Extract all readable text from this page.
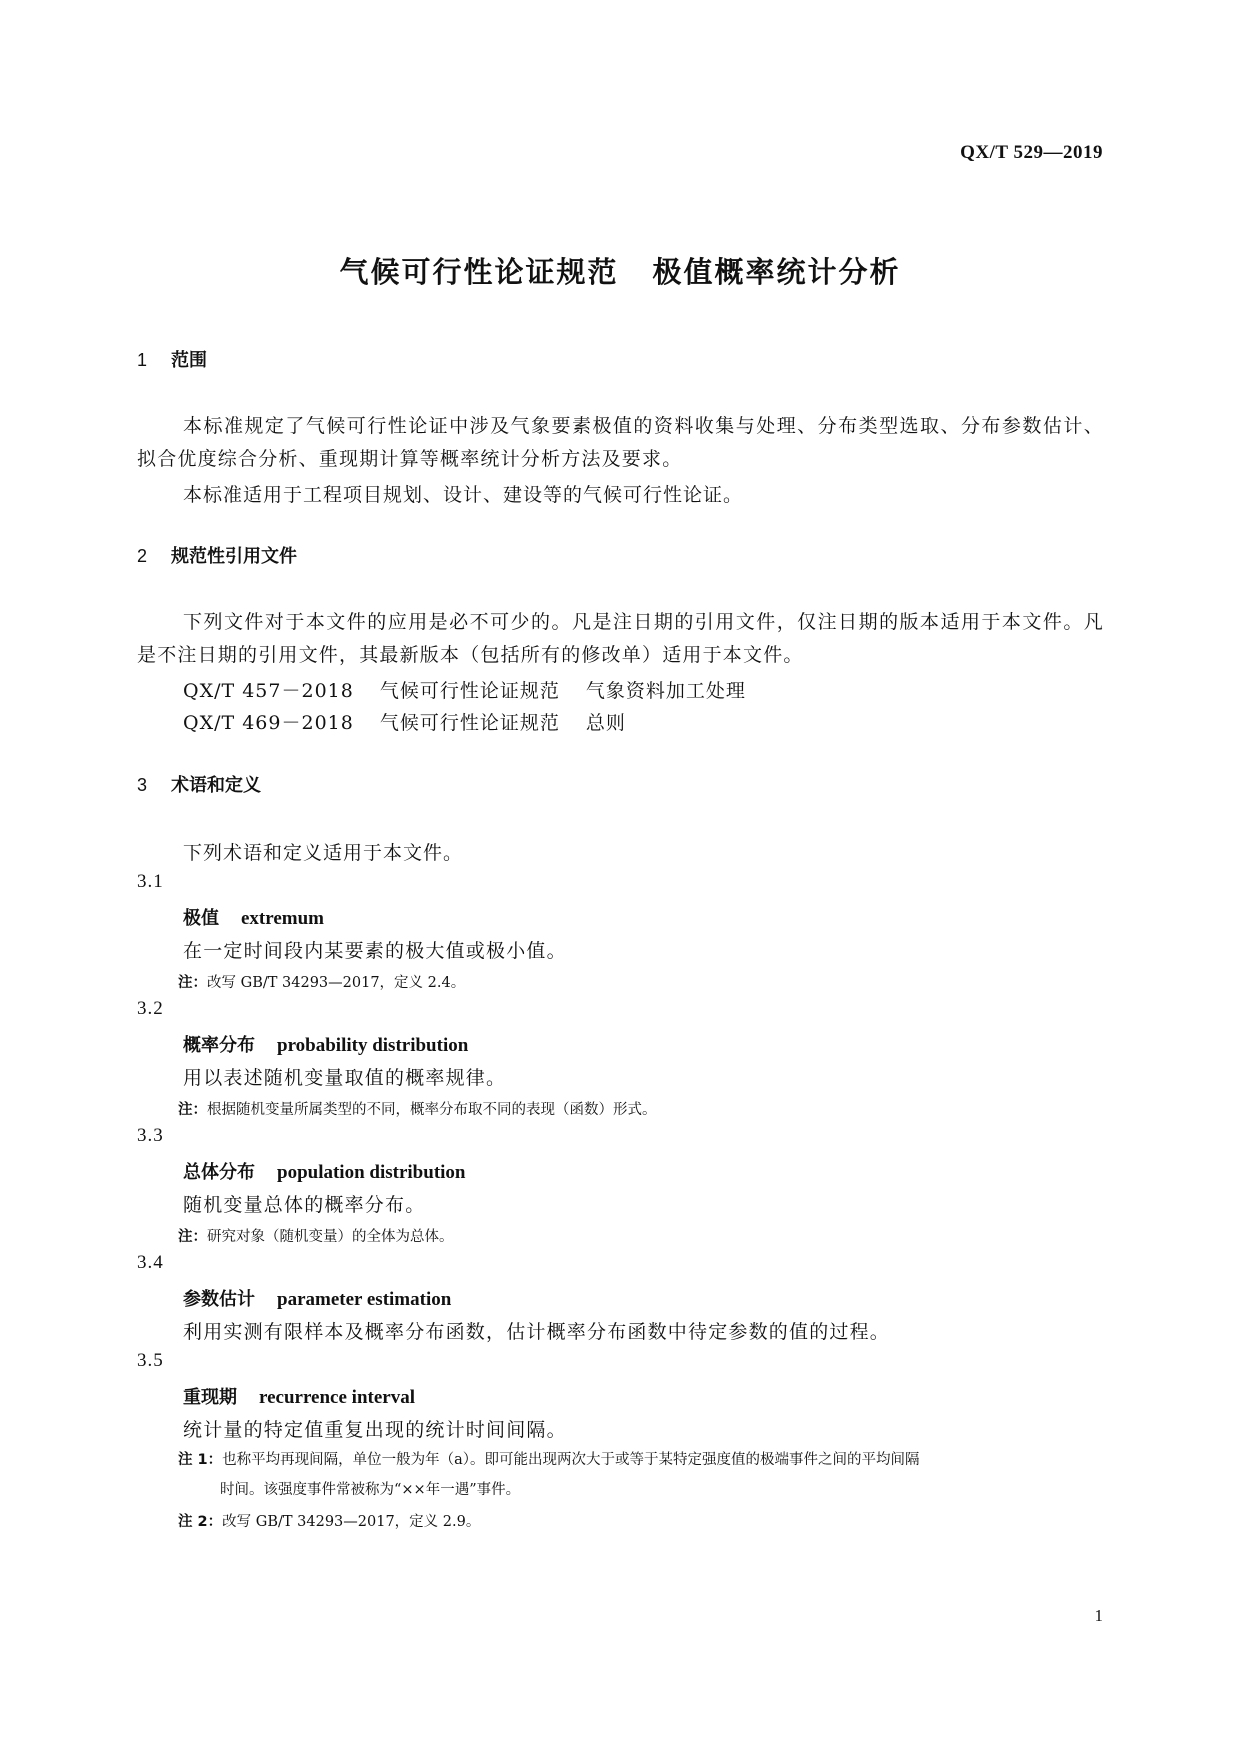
QX/T 529—2019
气候可行性论证规范 极值概率统计分析
1 范围
本标准规定了气候可行性论证中涉及气象要素极值的资料收集与处理、分布类型选取、分布参数估计、拟合优度综合分析、重现期计算等概率统计分析方法及要求。
本标准适用于工程项目规划、设计、建设等的气候可行性论证。
2 规范性引用文件
下列文件对于本文件的应用是必不可少的。凡是注日期的引用文件，仅注日期的版本适用于本文件。凡是不注日期的引用文件，其最新版本（包括所有的修改单）适用于本文件。
QX/T 457－2018 气候可行性论证规范 气象资料加工处理
QX/T 469－2018 气候可行性论证规范 总则
3 术语和定义
下列术语和定义适用于本文件。
3.1
极值 extremum
在一定时间段内某要素的极大值或极小值。
注：改写 GB/T 34293—2017，定义 2.4。
3.2
概率分布 probability distribution
用以表述随机变量取值的概率规律。
注：根据随机变量所属类型的不同，概率分布取不同的表现（函数）形式。
3.3
总体分布 population distribution
随机变量总体的概率分布。
注：研究对象（随机变量）的全体为总体。
3.4
参数估计 parameter estimation
利用实测有限样本及概率分布函数，估计概率分布函数中待定参数的值的过程。
3.5
重现期 recurrence interval
统计量的特定值重复出现的统计时间间隔。
注 1：也称平均再现间隔，单位一般为年（a）。即可能出现两次大于或等于某特定强度值的极端事件之间的平均间隔
时间。该强度事件常被称为“××年一遇”事件。
注 2：改写 GB/T 34293—2017，定义 2.9。
1
